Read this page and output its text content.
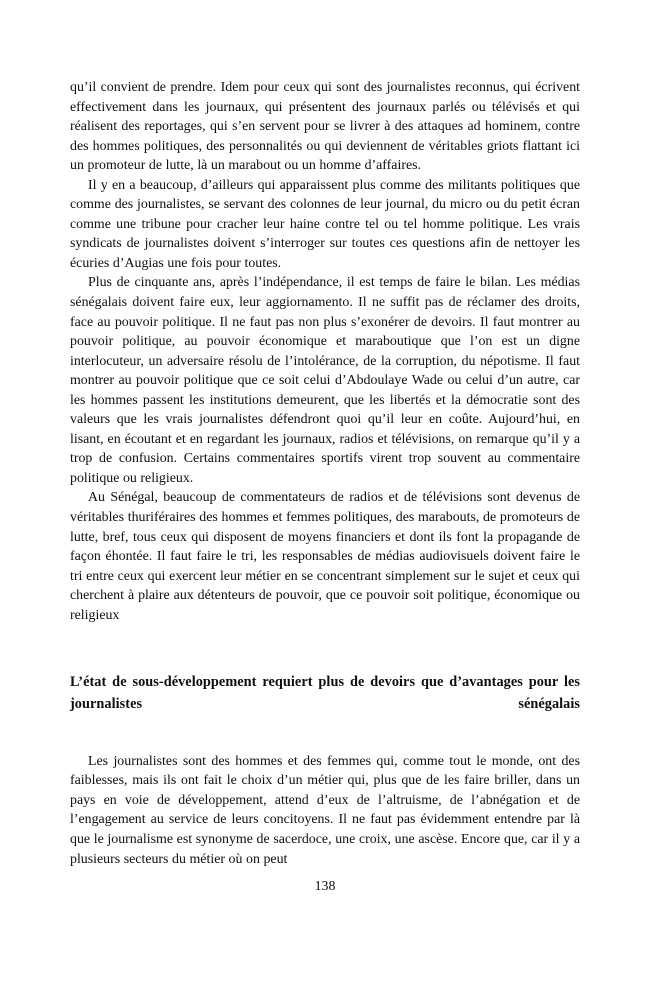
qu’il convient de prendre. Idem pour ceux qui sont des journalistes reconnus, qui écrivent effectivement dans les journaux, qui présentent des journaux parlés ou télévisés et qui réalisent des reportages, qui s’en servent pour se livrer à des attaques ad hominem, contre des hommes politiques, des personnalités ou qui deviennent de véritables griots flattant ici un promoteur de lutte, là un marabout ou un homme d’affaires.

Il y en a beaucoup, d’ailleurs qui apparaissent plus comme des militants politiques que comme des journalistes, se servant des colonnes de leur journal, du micro ou du petit écran comme une tribune pour cracher leur haine contre tel ou tel homme politique. Les vrais syndicats de journalistes doivent s’interroger sur toutes ces questions afin de nettoyer les écuries d’Augias une fois pour toutes.

Plus de cinquante ans, après l’indépendance, il est temps de faire le bilan. Les médias sénégalais doivent faire eux, leur aggiornamento. Il ne suffit pas de réclamer des droits, face au pouvoir politique. Il ne faut pas non plus s’exonérer de devoirs. Il faut montrer au pouvoir politique, au pouvoir économique et maraboutique que l’on est un digne interlocuteur, un adversaire résolu de l’intolérance, de la corruption, du népotisme. Il faut montrer au pouvoir politique que ce soit celui d’Abdoulaye Wade ou celui d’un autre, car les hommes passent les institutions demeurent, que les libertés et la démocratie sont des valeurs que les vrais journalistes défendront quoi qu’il leur en coûte. Aujourd’hui, en lisant, en écoutant et en regardant les journaux, radios et télévisions, on remarque qu’il y a trop de confusion. Certains commentaires sportifs virent trop souvent au commentaire politique ou religieux.

Au Sénégal, beaucoup de commentateurs de radios et de télévisions sont devenus de véritables thuriféraires des hommes et femmes politiques, des marabouts, de promoteurs de lutte, bref, tous ceux qui disposent de moyens financiers et dont ils font la propagande de façon éhontée. Il faut faire le tri, les responsables de médias audiovisuels doivent faire le tri entre ceux qui exercent leur métier en se concentrant simplement sur le sujet et ceux qui cherchent à plaire aux détenteurs de pouvoir, que ce pouvoir soit politique, économique ou religieux

L’état de sous-développement requiert plus de devoirs que d’avantages pour les journalistes sénégalais

Les journalistes sont des hommes et des femmes qui, comme tout le monde, ont des faiblesses, mais ils ont fait le choix d’un métier qui, plus que de les faire briller, dans un pays en voie de développement, attend d’eux de l’altruisme, de l’abnégation et de l’engagement au service de leurs concitoyens. Il ne faut pas évidemment entendre par là que le journalisme est synonyme de sacerdoce, une croix, une ascèse. Encore que, car il y a plusieurs secteurs du métier où on peut

138
